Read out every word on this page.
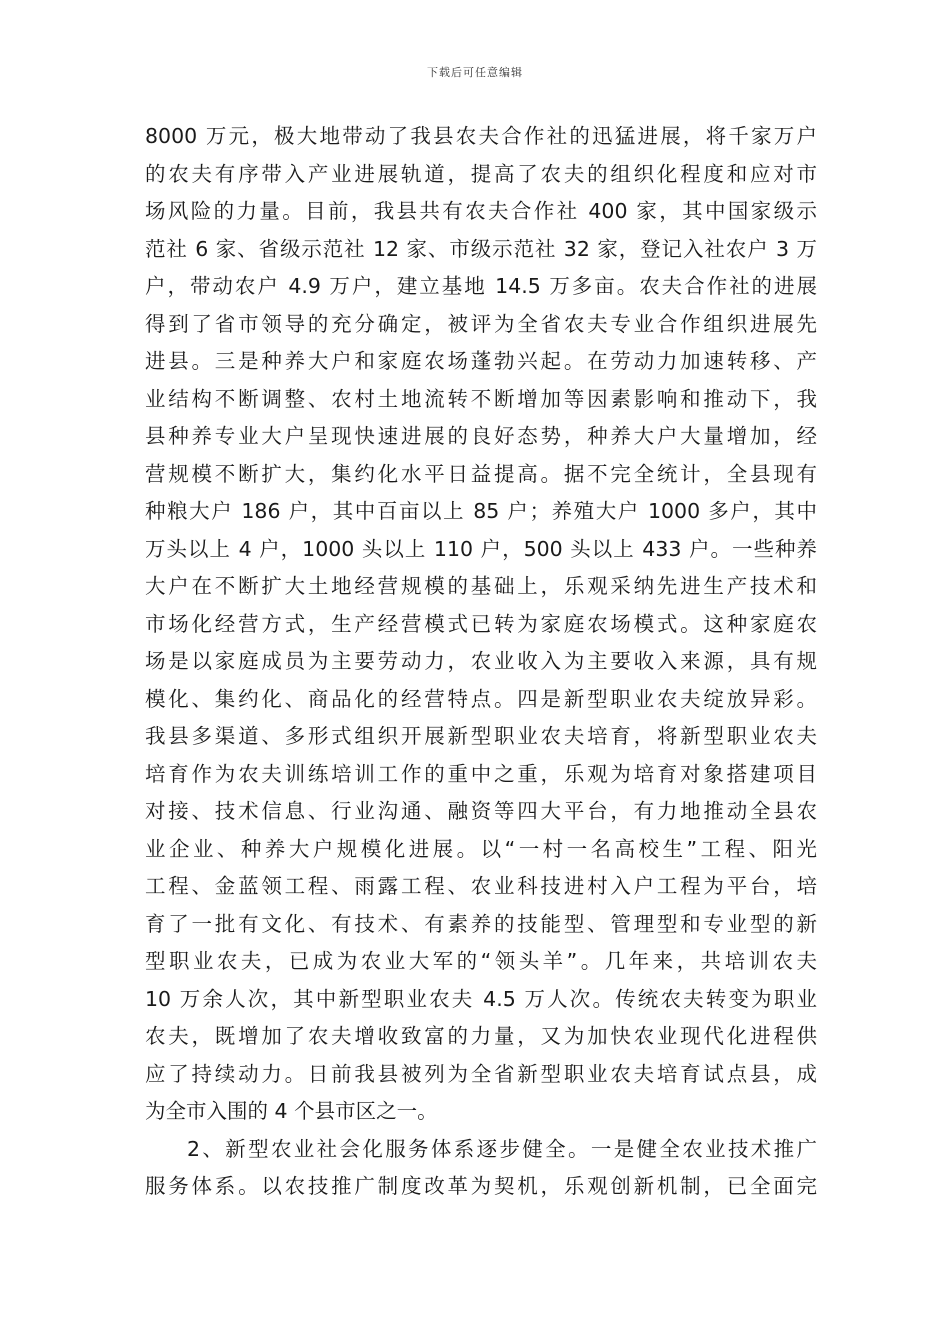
下载后可任意编辑
8000 万元，极大地带动了我县农夫合作社的迅猛进展，将千家万户
的农夫有序带入产业进展轨道，提高了农夫的组织化程度和应对市
场风险的力量。目前，我县共有农夫合作社 400 家，其中国家级示
范社 6 家、省级示范社 12 家、市级示范社 32 家，登记入社农户 3 万
户，带动农户 4.9 万户，建立基地 14.5 万多亩。农夫合作社的进展
得到了省市领导的充分确定，被评为全省农夫专业合作组织进展先
进县。三是种养大户和家庭农场蓬勃兴起。在劳动力加速转移、产
业结构不断调整、农村土地流转不断增加等因素影响和推动下，我
县种养专业大户呈现快速进展的良好态势，种养大户大量增加，经
营规模不断扩大，集约化水平日益提高。据不完全统计，全县现有
种粮大户 186 户，其中百亩以上 85 户；养殖大户 1000 多户，其中
万头以上 4 户，1000 头以上 110 户，500 头以上 433 户。一些种养
大户在不断扩大土地经营规模的基础上，乐观采纳先进生产技术和
市场化经营方式，生产经营模式已转为家庭农场模式。这种家庭农
场是以家庭成员为主要劳动力，农业收入为主要收入来源，具有规
模化、集约化、商品化的经营特点。四是新型职业农夫绽放异彩。
我县多渠道、多形式组织开展新型职业农夫培育，将新型职业农夫
培育作为农夫训练培训工作的重中之重，乐观为培育对象搭建项目
对接、技术信息、行业沟通、融资等四大平台，有力地推动全县农
业企业、种养大户规模化进展。以“一村一名高校生”工程、阳光
工程、金蓝领工程、雨露工程、农业科技进村入户工程为平台，培
育了一批有文化、有技术、有素养的技能型、管理型和专业型的新
型职业农夫，已成为农业大军的“领头羊”。几年来，共培训农夫
10 万余人次，其中新型职业农夫 4.5 万人次。传统农夫转变为职业
农夫，既增加了农夫增收致富的力量，又为加快农业现代化进程供
应了持续动力。日前我县被列为全省新型职业农夫培育试点县，成
为全市入围的 4 个县市区之一。
2、新型农业社会化服务体系逐步健全。一是健全农业技术推广
服务体系。以农技推广制度改革为契机，乐观创新机制，已全面完
